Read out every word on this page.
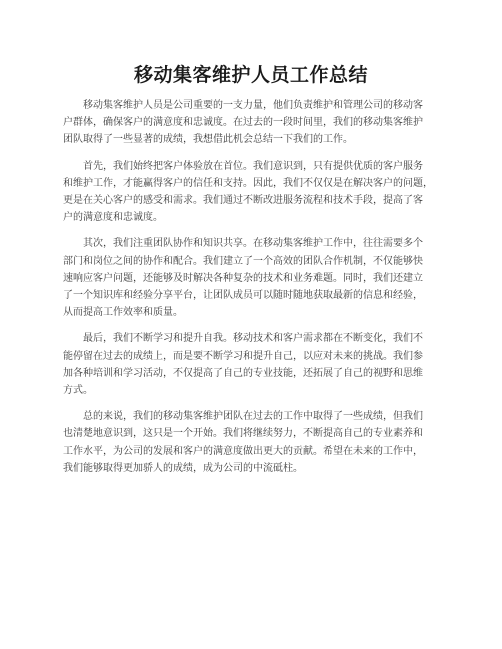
移动集客维护人员工作总结

　　移动集客维护人员是公司重要的一支力量，他们负责维护和管理公司的移动客
户群体，确保客户的满意度和忠诚度。在过去的一段时间里，我们的移动集客维护
团队取得了一些显著的成绩，我想借此机会总结一下我们的工作。

　　首先，我们始终把客户体验放在首位。我们意识到，只有提供优质的客户服务
和维护工作，才能赢得客户的信任和支持。因此，我们不仅仅是在解决客户的问题，
更是在关心客户的感受和需求。我们通过不断改进服务流程和技术手段，提高了客
户的满意度和忠诚度。

　　其次，我们注重团队协作和知识共享。在移动集客维护工作中，往往需要多个
部门和岗位之间的协作和配合。我们建立了一个高效的团队合作机制，不仅能够快
速响应客户问题，还能够及时解决各种复杂的技术和业务难题。同时，我们还建立
了一个知识库和经验分享平台，让团队成员可以随时随地获取最新的信息和经验，
从而提高工作效率和质量。

　　最后，我们不断学习和提升自我。移动技术和客户需求都在不断变化，我们不
能停留在过去的成绩上，而是要不断学习和提升自己，以应对未来的挑战。我们参
加各种培训和学习活动，不仅提高了自己的专业技能，还拓展了自己的视野和思维
方式。

　　总的来说，我们的移动集客维护团队在过去的工作中取得了一些成绩，但我们
也清楚地意识到，这只是一个开始。我们将继续努力，不断提高自己的专业素养和
工作水平，为公司的发展和客户的满意度做出更大的贡献。希望在未来的工作中，
我们能够取得更加骄人的成绩，成为公司的中流砥柱。
